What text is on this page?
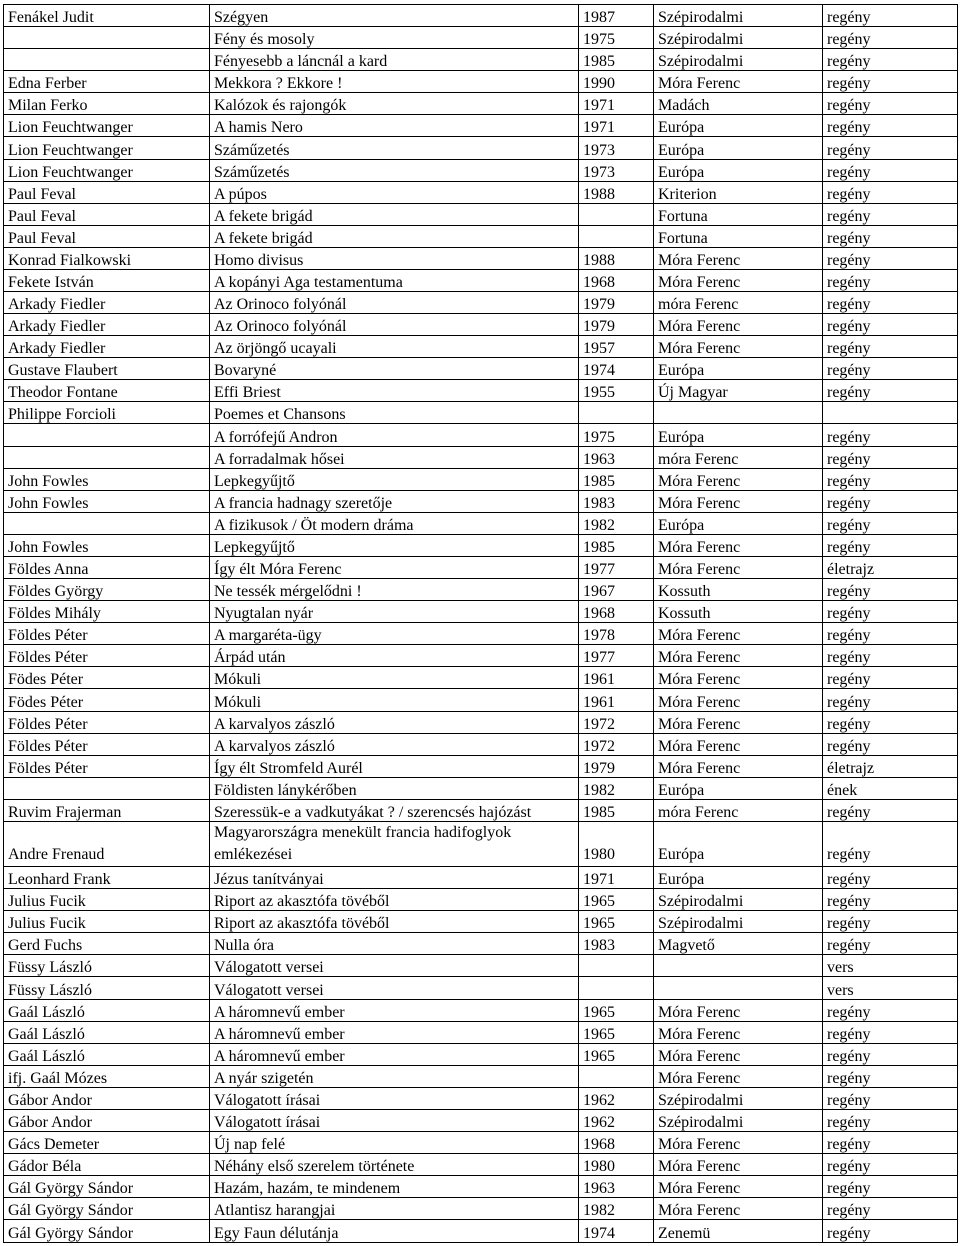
Fenákel Judit	Szégyen	1987	Szépirodalmi	regény
	Fény és mosoly	1975	Szépirodalmi	regény
	Fényesebb a láncnál a kard	1985	Szépirodalmi	regény
Edna Ferber	Mekkora ? Ekkore !	1990	Móra Ferenc	regény
Milan Ferko	Kalózok és rajongók	1971	Madách	regény
Lion Feuchtwanger	A hamis Nero	1971	Európa	regény
Lion Feuchtwanger	Száműzetés	1973	Európa	regény
Lion Feuchtwanger	Száműzetés	1973	Európa	regény
Paul Feval	A púpos	1988	Kriterion	regény
Paul Feval	A fekete brigád		Fortuna	regény
Paul Feval	A fekete brigád		Fortuna	regény
Konrad Fialkowski	Homo divisus	1988	Móra Ferenc	regény
Fekete István	A kopányi Aga testamentuma	1968	Móra Ferenc	regény
Arkady Fiedler	Az Orinoco folyónál	1979	móra Ferenc	regény
Arkady Fiedler	Az Orinoco folyónál	1979	Móra Ferenc	regény
Arkady Fiedler	Az örjöngő ucayali	1957	Móra Ferenc	regény
Gustave Flaubert	Bovaryné	1974	Európa	regény
Theodor Fontane	Effi Briest	1955	Új Magyar	regény
Philippe Forcioli	Poemes et Chansons			
	A forrófejű Andron	1975	Európa	regény
	A forradalmak hősei	1963	móra Ferenc	regény
John Fowles	Lepkegyűjtő	1985	Móra Ferenc	regény
John Fowles	A francia hadnagy szeretője	1983	Móra Ferenc	regény
	A fizikusok / Öt modern dráma	1982	Európa	regény
John Fowles	Lepkegyűjtő	1985	Móra Ferenc	regény
Földes Anna	Így élt Móra Ferenc	1977	Móra Ferenc	életrajz
Földes György	Ne tessék mérgelődni !	1967	Kossuth	regény
Földes Mihály	Nyugtalan nyár	1968	Kossuth	regény
Földes Péter	A margaréta-ügy	1978	Móra Ferenc	regény
Földes Péter	Árpád után	1977	Móra Ferenc	regény
Födes Péter	Mókuli	1961	Móra Ferenc	regény
Födes Péter	Mókuli	1961	Móra Ferenc	regény
Földes Péter	A karvalyos zászló	1972	Móra Ferenc	regény
Földes Péter	A karvalyos zászló	1972	Móra Ferenc	regény
Földes Péter	Így élt Stromfeld Aurél	1979	Móra Ferenc	életrajz
	Földisten lánykérőben	1982	Európa	ének
Ruvim Frajerman	Szeressük-e a vadkutyákat ? / szerencsés hajózást	1985	móra Ferenc	regény
Andre Frenaud	Magyarországra menekült francia hadifoglyok emlékezései	1980	Európa	regény
Leonhard Frank	Jézus tanítványai	1971	Európa	regény
Julius Fucik	Riport az akasztófa tövéből	1965	Szépirodalmi	regény
Julius Fucik	Riport az akasztófa tövéből	1965	Szépirodalmi	regény
Gerd Fuchs	Nulla óra	1983	Magvető	regény
Füssy László	Válogatott versei			vers
Füssy László	Válogatott versei			vers
Gaál László	A háromnevű ember	1965	Móra Ferenc	regény
Gaál László	A háromnevű ember	1965	Móra Ferenc	regény
Gaál László	A háromnevű ember	1965	Móra Ferenc	regény
ifj. Gaál Mózes	A nyár szigetén		Móra Ferenc	regény
Gábor Andor	Válogatott írásai	1962	Szépirodalmi	regény
Gábor Andor	Válogatott írásai	1962	Szépirodalmi	regény
Gács Demeter	Új nap felé	1968	Móra Ferenc	regény
Gádor Béla	Néhány első szerelem története	1980	Móra Ferenc	regény
Gál György Sándor	Hazám, hazám, te mindenem	1963	Móra Ferenc	regény
Gál György Sándor	Atlantisz harangjai	1982	Móra Ferenc	regény
Gál György Sándor	Egy Faun délutánja	1974	Zenemü	regény
